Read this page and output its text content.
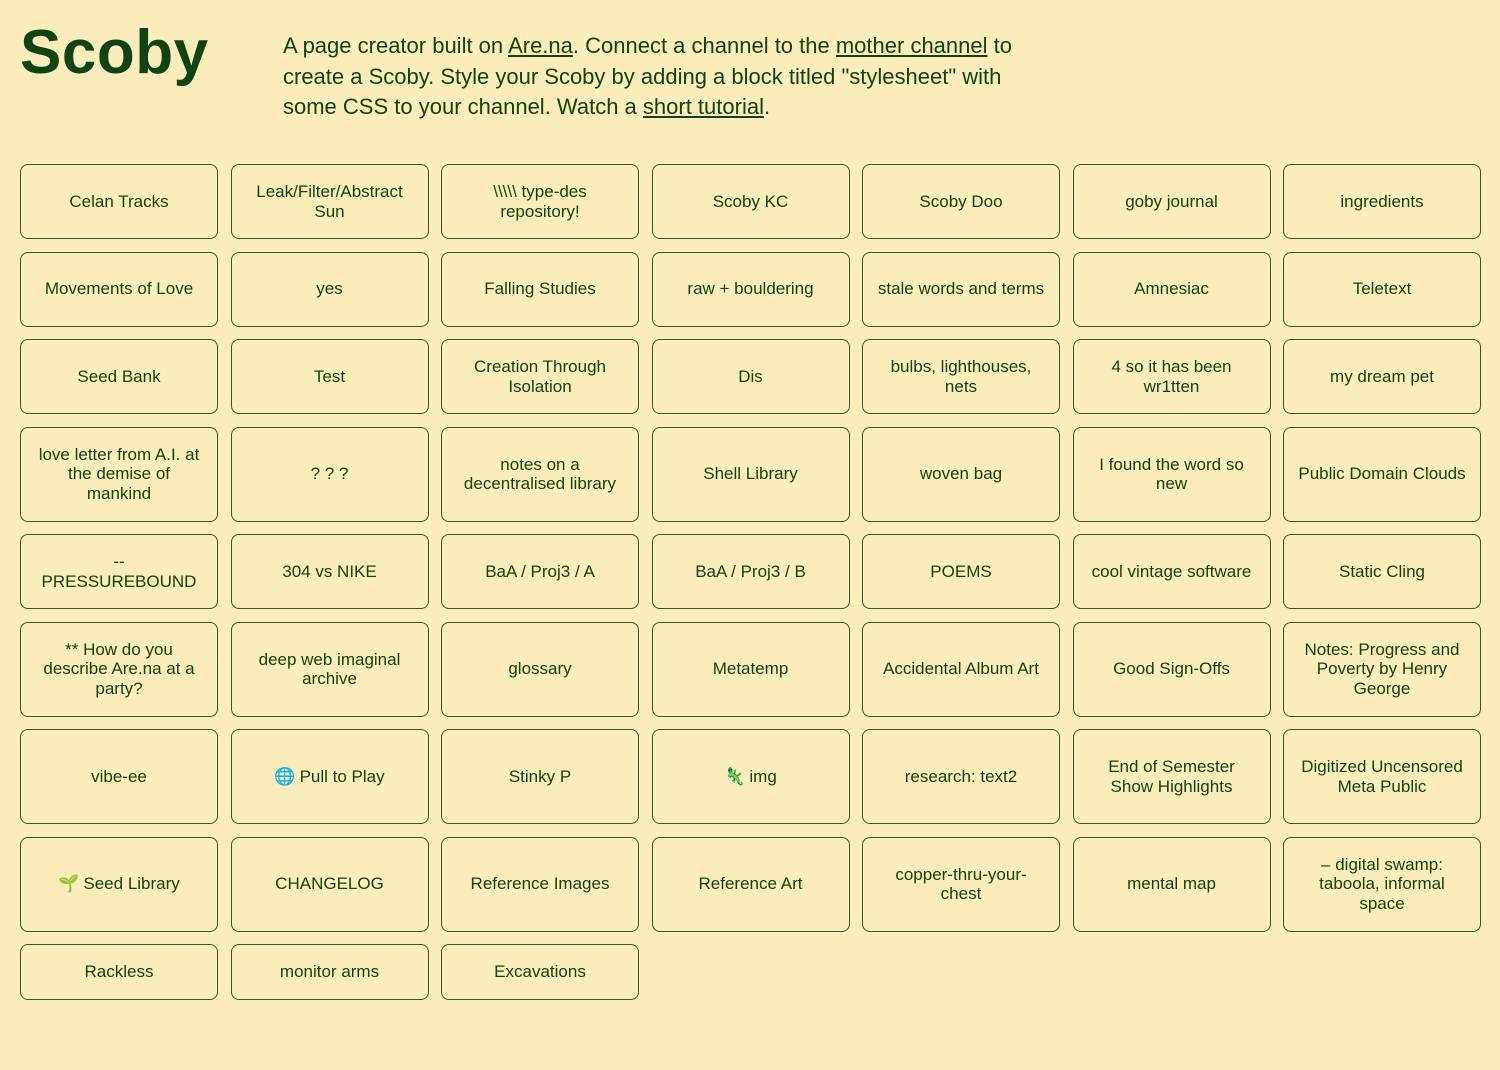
Scoby	A page creator built on Are.na. Connect a channel to the mother channel to create a Scoby. Style your Scoby by adding a block titled "stylesheet" with some CSS to your channel. Watch a short tutorial.

Celan Tracks
Leak/Filter/Abstract Sun
\\\\\ type-des repository!
Scoby KC	Scoby Doo	goby journal	ingredients
Movements of Love	yes	Falling Studies	raw + bouldering	stale words and terms	Amnesiac	Teletext
Seed Bank	Test
Creation Through Isolation
Dis
bulbs, lighthouses, nets
4 so it has been wr1tten
my dream pet
love letter from A.I. at the demise of mankind
? ? ?
notes on a decentralised library
Shell Library	woven bag
I found the word so new
Public Domain Clouds
-- PRESSUREBOUND
304 vs NIKE	BaA / Proj3 / A	BaA / Proj3 / B	POEMS	cool vintage software	Static Cling
** How do you describe Are.na at a party?
deep web imaginal archive
glossary	Metatemp	Accidental Album Art	Good Sign-Offs
Notes: Progress and Poverty by Henry George
vibe-ee	🌐 Pull to Play	Stinky P	🦎 img	research: text2
End of Semester Show Highlights
Digitized Uncensored Meta Public
🌱 Seed Library	CHANGELOG	Reference Images	Reference Art
copper-thru-your-chest
mental map
– digital swamp: taboola, informal space
Rackless	monitor arms	Excavations
